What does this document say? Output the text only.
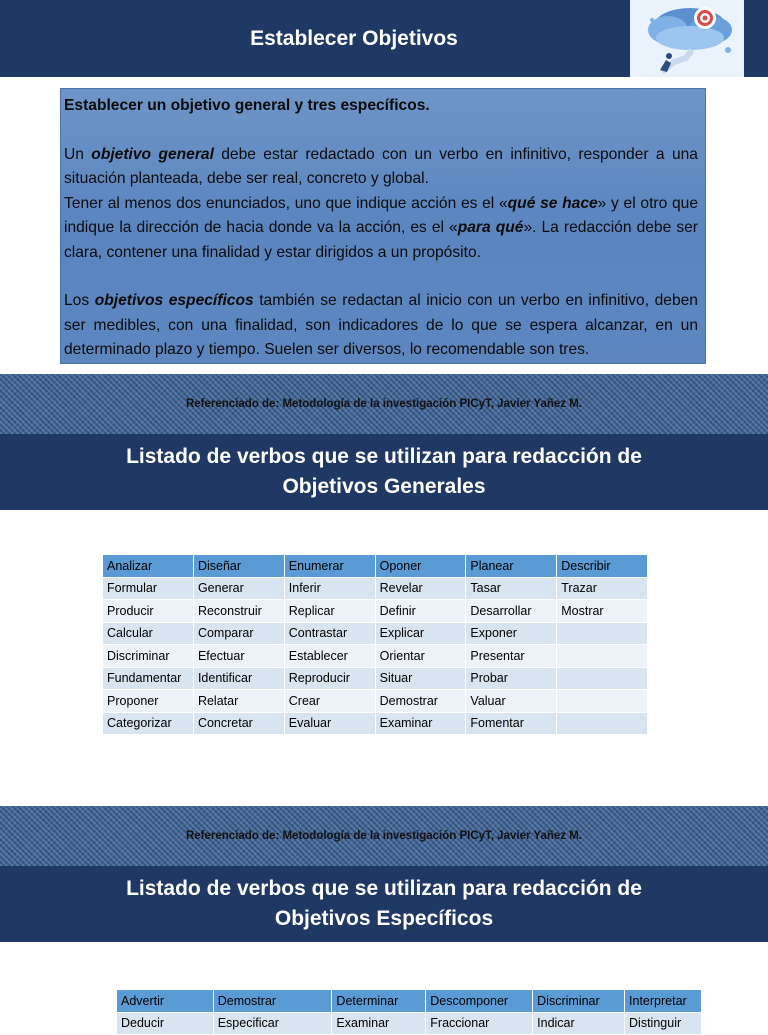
Establecer Objetivos

Establecer un objetivo general y tres específicos.

Un objetivo general debe estar redactado con un verbo en infinitivo, responder a una situación planteada, debe ser real, concreto y global.

Tener al menos dos enunciados, uno que indique acción es el «qué se hace» y el otro que indique la dirección de hacia donde va la acción, es el «para qué». La redacción debe ser clara, contener una finalidad y estar dirigidos a un propósito.

Los objetivos específicos también se redactan al inicio con un verbo en infinitivo, deben ser medibles, con una finalidad, son indicadores de lo que se espera alcanzar, en un determinado plazo y tiempo. Suelen ser diversos, lo recomendable son tres.

Referenciado de: Metodología de la investigación PICyT, Javier Yañez M.
Listado de verbos que se utilizan para redacción de
Objetivos Generales
Analizar	Diseñar	Enumerar	Oponer	Planear	Describir
Formular	Generar	Inferir	Revelar	Tasar	Trazar
Producir	Reconstruir	Replicar	Definir	Desarrollar	Mostrar
Calcular	Comparar	Contrastar	Explicar	Exponer	
Discriminar	Efectuar	Establecer	Orientar	Presentar	
Fundamentar	Identificar	Reproducir	Situar	Probar	
Proponer	Relatar	Crear	Demostrar	Valuar	
Categorizar	Concretar	Evaluar	Examinar	Fomentar	
Referenciado de: Metodología de la investigación PICyT, Javier Yañez M.
Listado de verbos que se utilizan para redacción de
Objetivos Específicos
Advertir	Demostrar	Determinar	Descomponer	Discriminar	Interpretar
Deducir	Especificar	Examinar	Fraccionar	Indicar	Distinguir
